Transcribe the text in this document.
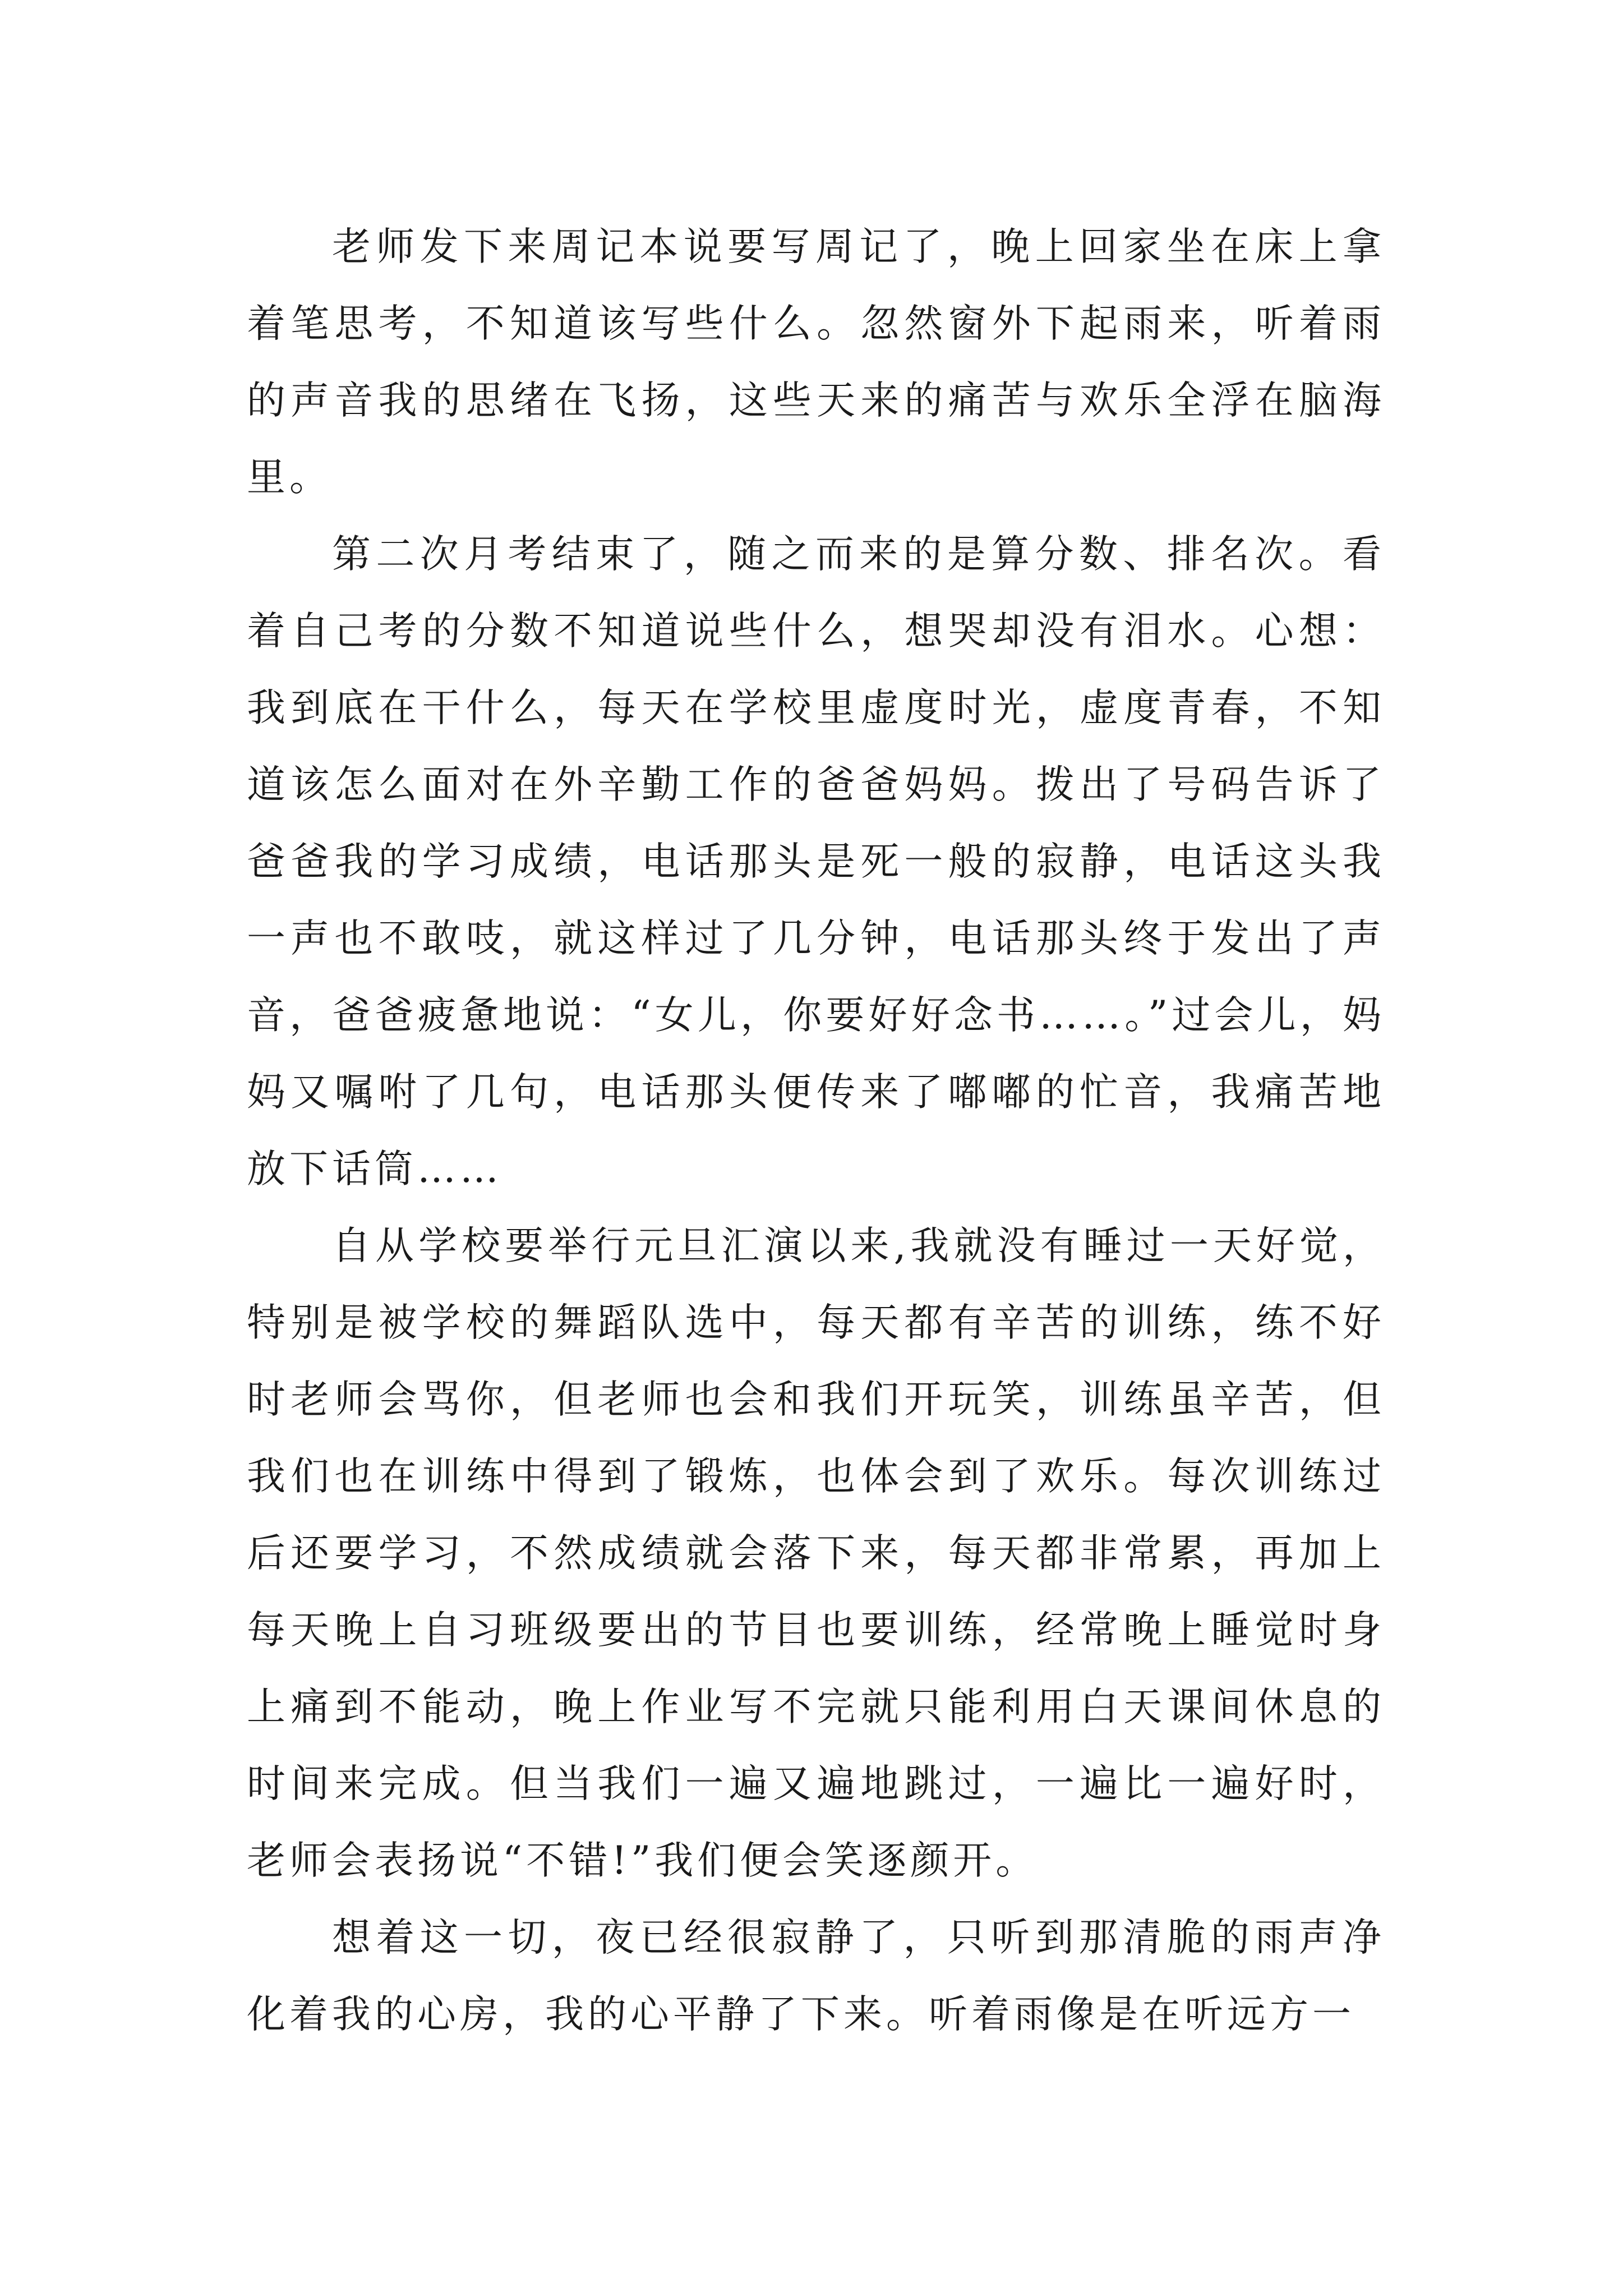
老师发下来周记本说要写周记了，晚上回家坐在床上拿着笔思考，不知道该写些什么。忽然窗外下起雨来，听着雨的声音我的思绪在飞扬，这些天来的痛苦与欢乐全浮在脑海里。

第二次月考结束了，随之而来的是算分数、排名次。看着自己考的分数不知道说些什么，想哭却没有泪水。心想：我到底在干什么，每天在学校里虚度时光，虚度青春，不知道该怎么面对在外辛勤工作的爸爸妈妈。拨出了号码告诉了爸爸我的学习成绩，电话那头是死一般的寂静，电话这头我一声也不敢吱，就这样过了几分钟，电话那头终于发出了声音，爸爸疲惫地说：“女儿，你要好好念书……。”过会儿，妈妈又嘱咐了几句，电话那头便传来了嘟嘟的忙音，我痛苦地放下话筒……

自从学校要举行元旦汇演以来,我就没有睡过一天好觉，特别是被学校的舞蹈队选中，每天都有辛苦的训练，练不好时老师会骂你，但老师也会和我们开玩笑，训练虽辛苦，但我们也在训练中得到了锻炼，也体会到了欢乐。每次训练过后还要学习，不然成绩就会落下来，每天都非常累，再加上每天晚上自习班级要出的节目也要训练，经常晚上睡觉时身上痛到不能动，晚上作业写不完就只能利用白天课间休息的时间来完成。但当我们一遍又遍地跳过，一遍比一遍好时，老师会表扬说“不错!”我们便会笑逐颜开。

想着这一切，夜已经很寂静了，只听到那清脆的雨声净化着我的心房，我的心平静了下来。听着雨像是在听远方一
